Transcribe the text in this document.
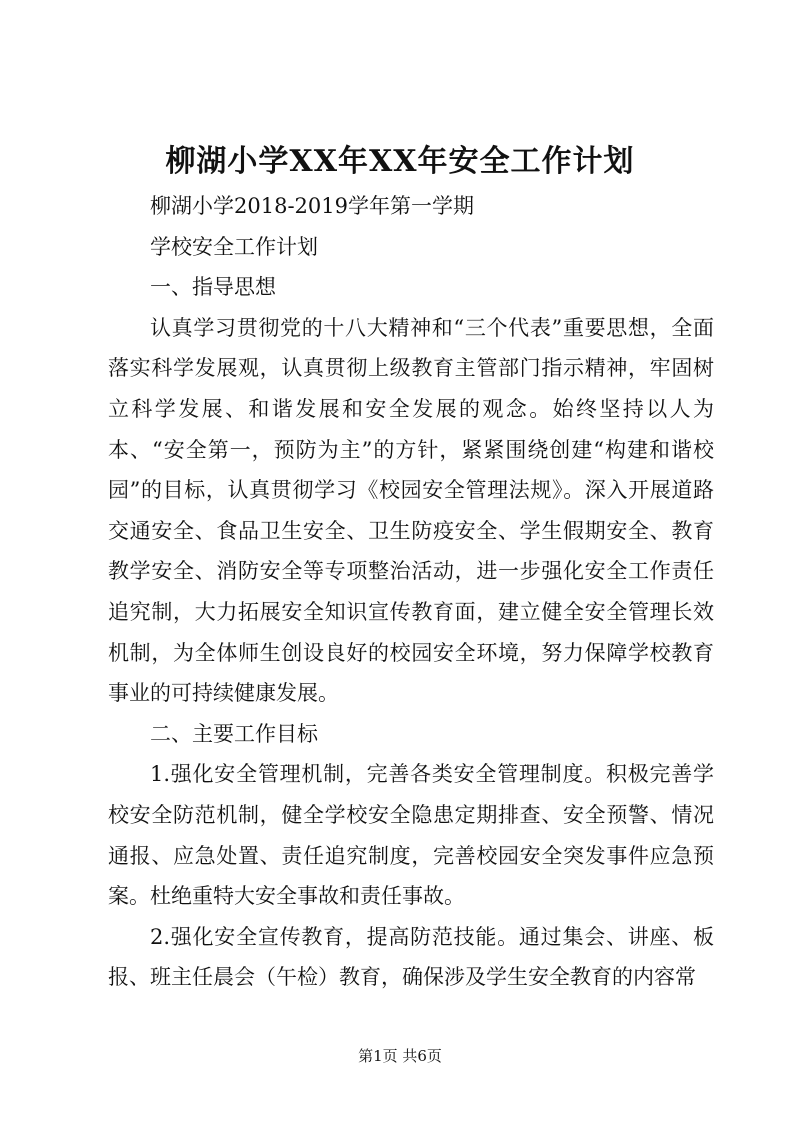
柳湖小学XX年XX年安全工作计划

柳湖小学2018-2019学年第一学期

学校安全工作计划

一、指导思想

认真学习贯彻党的十八大精神和“三个代表”重要思想，全面落实科学发展观，认真贯彻上级教育主管部门指示精神，牢固树立科学发展、和谐发展和安全发展的观念。始终坚持以人为本、“安全第一，预防为主”的方针，紧紧围绕创建“构建和谐校园”的目标，认真贯彻学习《校园安全管理法规》。深入开展道路交通安全、食品卫生安全、卫生防疫安全、学生假期安全、教育教学安全、消防安全等专项整治活动，进一步强化安全工作责任追究制，大力拓展安全知识宣传教育面，建立健全安全管理长效机制，为全体师生创设良好的校园安全环境，努力保障学校教育事业的可持续健康发展。

二、主要工作目标

1.强化安全管理机制，完善各类安全管理制度。积极完善学校安全防范机制，健全学校安全隐患定期排查、安全预警、情况通报、应急处置、责任追究制度，完善校园安全突发事件应急预案。杜绝重特大安全事故和责任事故。

2.强化安全宣传教育，提高防范技能。通过集会、讲座、板报、班主任晨会（午检）教育，确保涉及学生安全教育的内容常

第1页 共6页
